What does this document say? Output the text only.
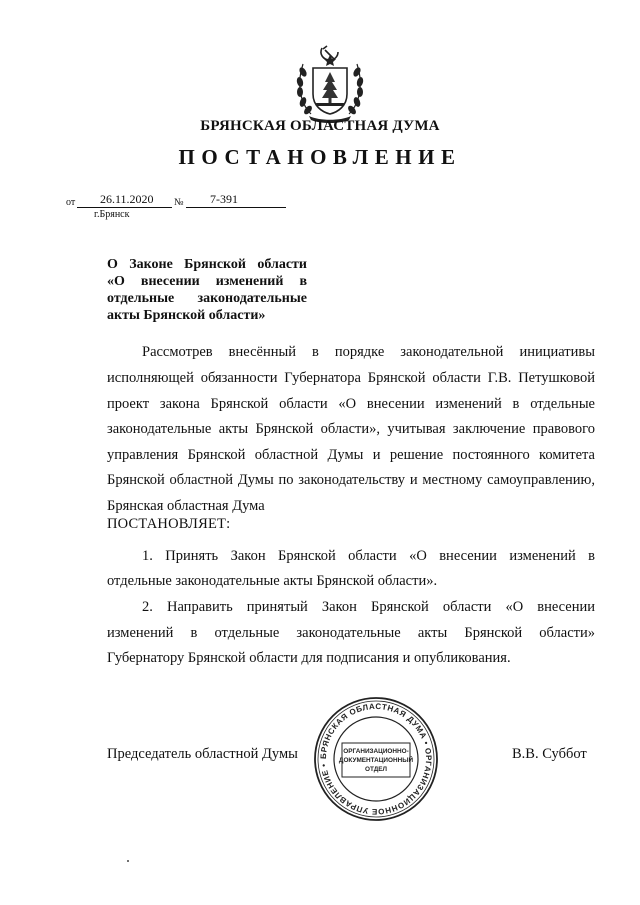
БРЯНСКАЯ ОБЛАСТНАЯ ДУМА
ПОСТАНОВЛЕНИЕ
от 26.11.2020 № 7-391
г.Брянск
О Законе Брянской области
«О внесении изменений в
отдельные законодательные
акты Брянской области»
Рассмотрев внесённый в порядке законодательной инициативы
исполняющей обязанности Губернатора Брянской области Г.В. Петушковой
проект закона Брянской области «О внесении изменений в отдельные
законодательные акты Брянской области», учитывая заключение правового
управления Брянской областной Думы и решение постоянного комитета
Брянской областной Думы по законодательству и местному самоуправлению,
Брянская областная Дума
ПОСТАНОВЛЯЕТ:
1. Принять Закон Брянской области «О внесении изменений в
отдельные законодательные акты Брянской области».
2. Направить принятый Закон Брянской области «О внесении
изменений в отдельные законодательные акты Брянской области»
Губернатору Брянской области для подписания и опубликования.
Председатель областной Думы	В.В. Суббот
БРЯНСКАЯ ОБЛАСТНАЯ ДУМА • ОРГАНИЗАЦИОННОЕ УПРАВЛЕНИЕ •
ОРГАНИЗАЦИОННО-
ДОКУМЕНТАЦИОННЫЙ
ОТДЕЛ
